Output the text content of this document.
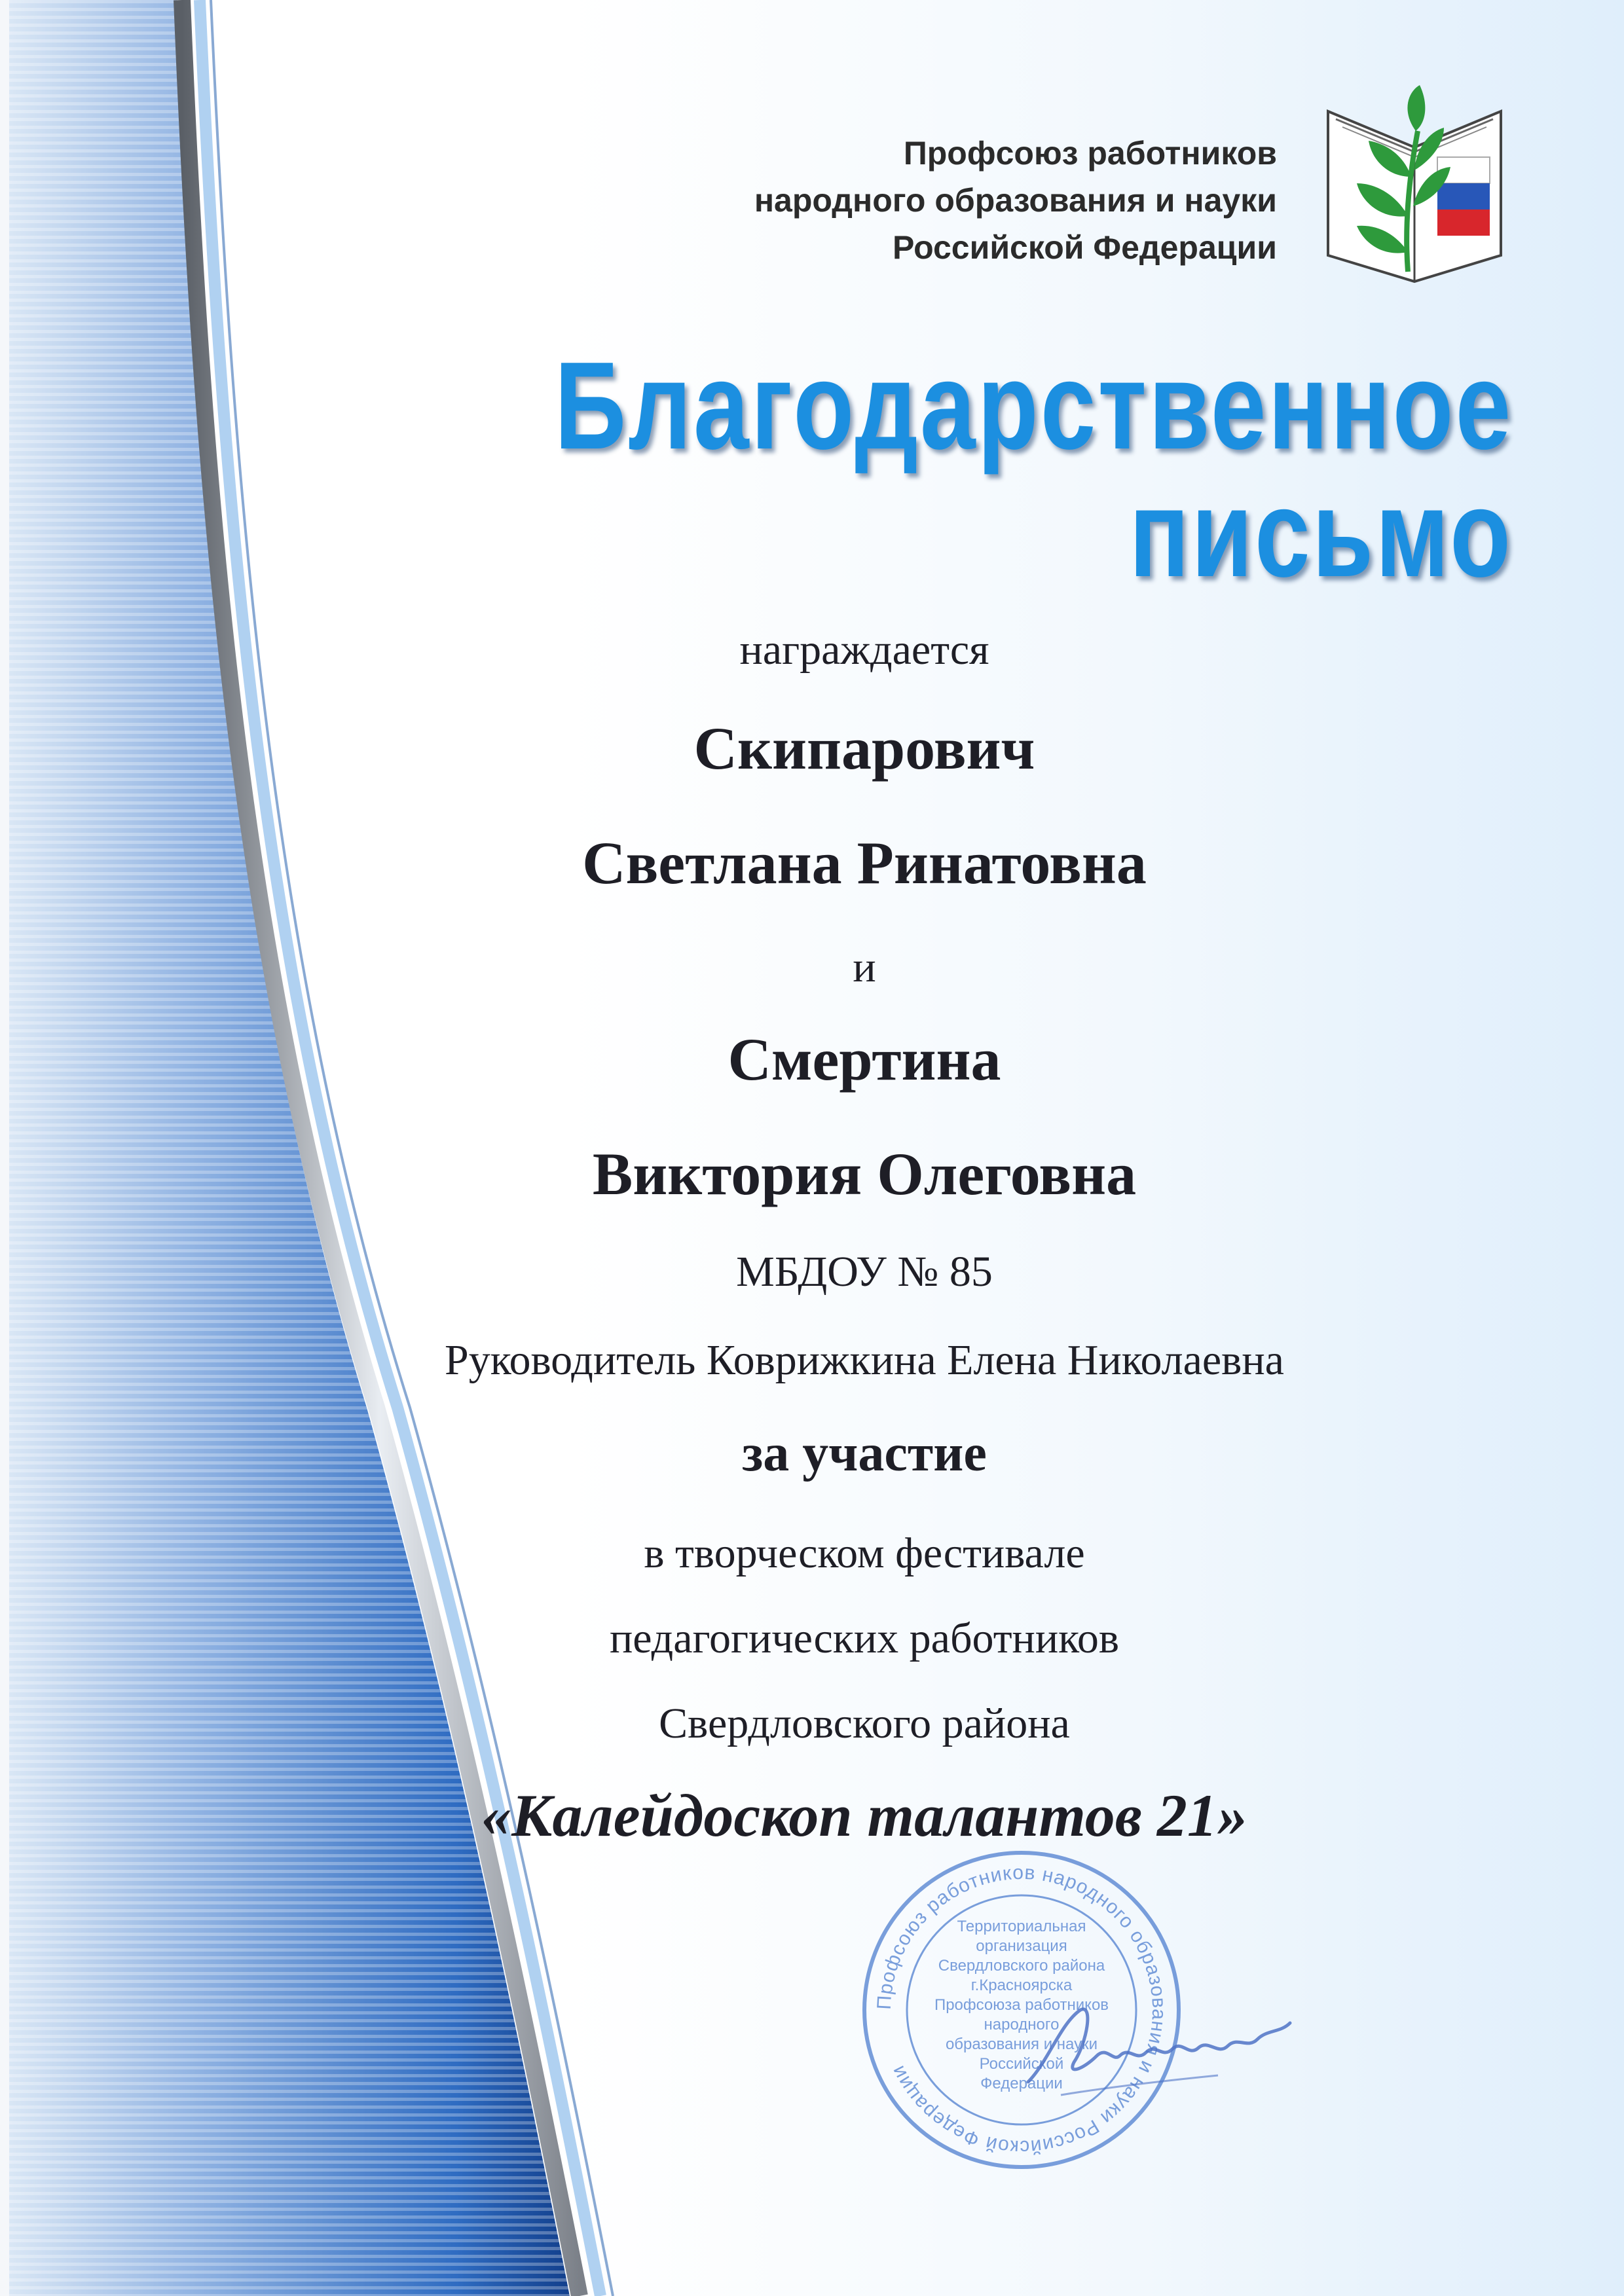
Профсоюз работников
народного образования и науки
Российской Федерации
Благодарственное
письмо
награждается
Скипарович
Светлана Ринатовна
и
Смертина
Виктория Олеговна
МБДОУ № 85
Руководитель Коврижкина Елена Николаевна
за участие
в творческом фестивале
педагогических работников
Свердловского района
«Калейдоскоп талантов 21»
Профсоюз работников народного образования и науки Российской Федерации
Территориальная
организация
Свердловского района
г.Красноярска
Профсоюза работников
народного
образования и науки
Российской
Федерации
